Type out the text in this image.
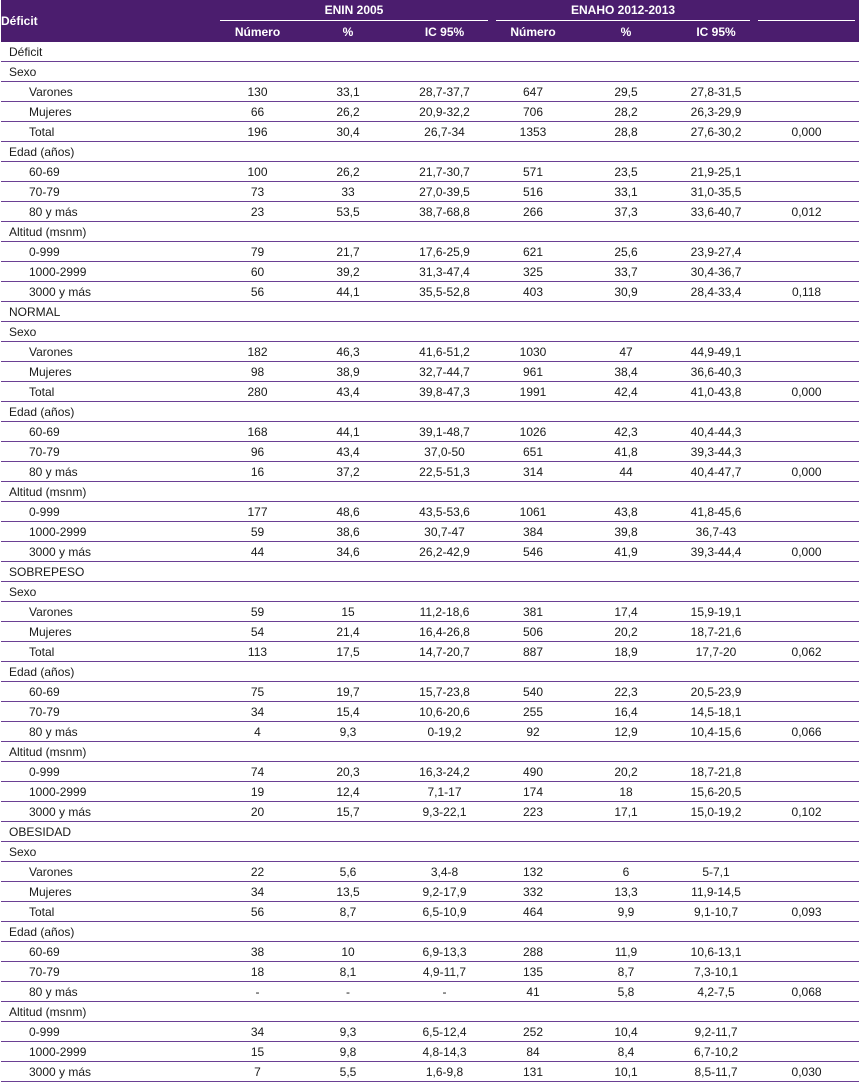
Déficit	ENIN 2005			ENAHO 2012-2013			

	Número	%	IC 95%	Número	%	IC 95%	
Déficit							
Sexo							
Varones	130	33,1	28,7-37,7	647	29,5	27,8-31,5	
Mujeres	66	26,2	20,9-32,2	706	28,2	26,3-29,9	
Total	196	30,4	26,7-34	1353	28,8	27,6-30,2	0,000
Edad (años)							
60-69	100	26,2	21,7-30,7	571	23,5	21,9-25,1	
70-79	73	33	27,0-39,5	516	33,1	31,0-35,5	
80 y más	23	53,5	38,7-68,8	266	37,3	33,6-40,7	0,012
Altitud (msnm)							
0-999	79	21,7	17,6-25,9	621	25,6	23,9-27,4	
1000-2999	60	39,2	31,3-47,4	325	33,7	30,4-36,7	
3000 y más	56	44,1	35,5-52,8	403	30,9	28,4-33,4	0,118
NORMAL							
Sexo							
Varones	182	46,3	41,6-51,2	1030	47	44,9-49,1	
Mujeres	98	38,9	32,7-44,7	961	38,4	36,6-40,3	
Total	280	43,4	39,8-47,3	1991	42,4	41,0-43,8	0,000
Edad (años)							
60-69	168	44,1	39,1-48,7	1026	42,3	40,4-44,3	
70-79	96	43,4	37,0-50	651	41,8	39,3-44,3	
80 y más	16	37,2	22,5-51,3	314	44	40,4-47,7	0,000
Altitud (msnm)							
0-999	177	48,6	43,5-53,6	1061	43,8	41,8-45,6	
1000-2999	59	38,6	30,7-47	384	39,8	36,7-43	
3000 y más	44	34,6	26,2-42,9	546	41,9	39,3-44,4	0,000
SOBREPESO							
Sexo							
Varones	59	15	11,2-18,6	381	17,4	15,9-19,1	
Mujeres	54	21,4	16,4-26,8	506	20,2	18,7-21,6	
Total	113	17,5	14,7-20,7	887	18,9	17,7-20	0,062
Edad (años)							
60-69	75	19,7	15,7-23,8	540	22,3	20,5-23,9	
70-79	34	15,4	10,6-20,6	255	16,4	14,5-18,1	
80 y más	4	9,3	0-19,2	92	12,9	10,4-15,6	0,066
Altitud (msnm)							
0-999	74	20,3	16,3-24,2	490	20,2	18,7-21,8	
1000-2999	19	12,4	7,1-17	174	18	15,6-20,5	
3000 y más	20	15,7	9,3-22,1	223	17,1	15,0-19,2	0,102
OBESIDAD							
Sexo							
Varones	22	5,6	3,4-8	132	6	5-7,1	
Mujeres	34	13,5	9,2-17,9	332	13,3	11,9-14,5	
Total	56	8,7	6,5-10,9	464	9,9	9,1-10,7	0,093
Edad (años)							
60-69	38	10	6,9-13,3	288	11,9	10,6-13,1	
70-79	18	8,1	4,9-11,7	135	8,7	7,3-10,1	
80 y más	-	-	-	41	5,8	4,2-7,5	0,068
Altitud (msnm)							
0-999	34	9,3	6,5-12,4	252	10,4	9,2-11,7	
1000-2999	15	9,8	4,8-14,3	84	8,4	6,7-10,2	
3000 y más	7	5,5	1,6-9,8	131	10,1	8,5-11,7	0,030
